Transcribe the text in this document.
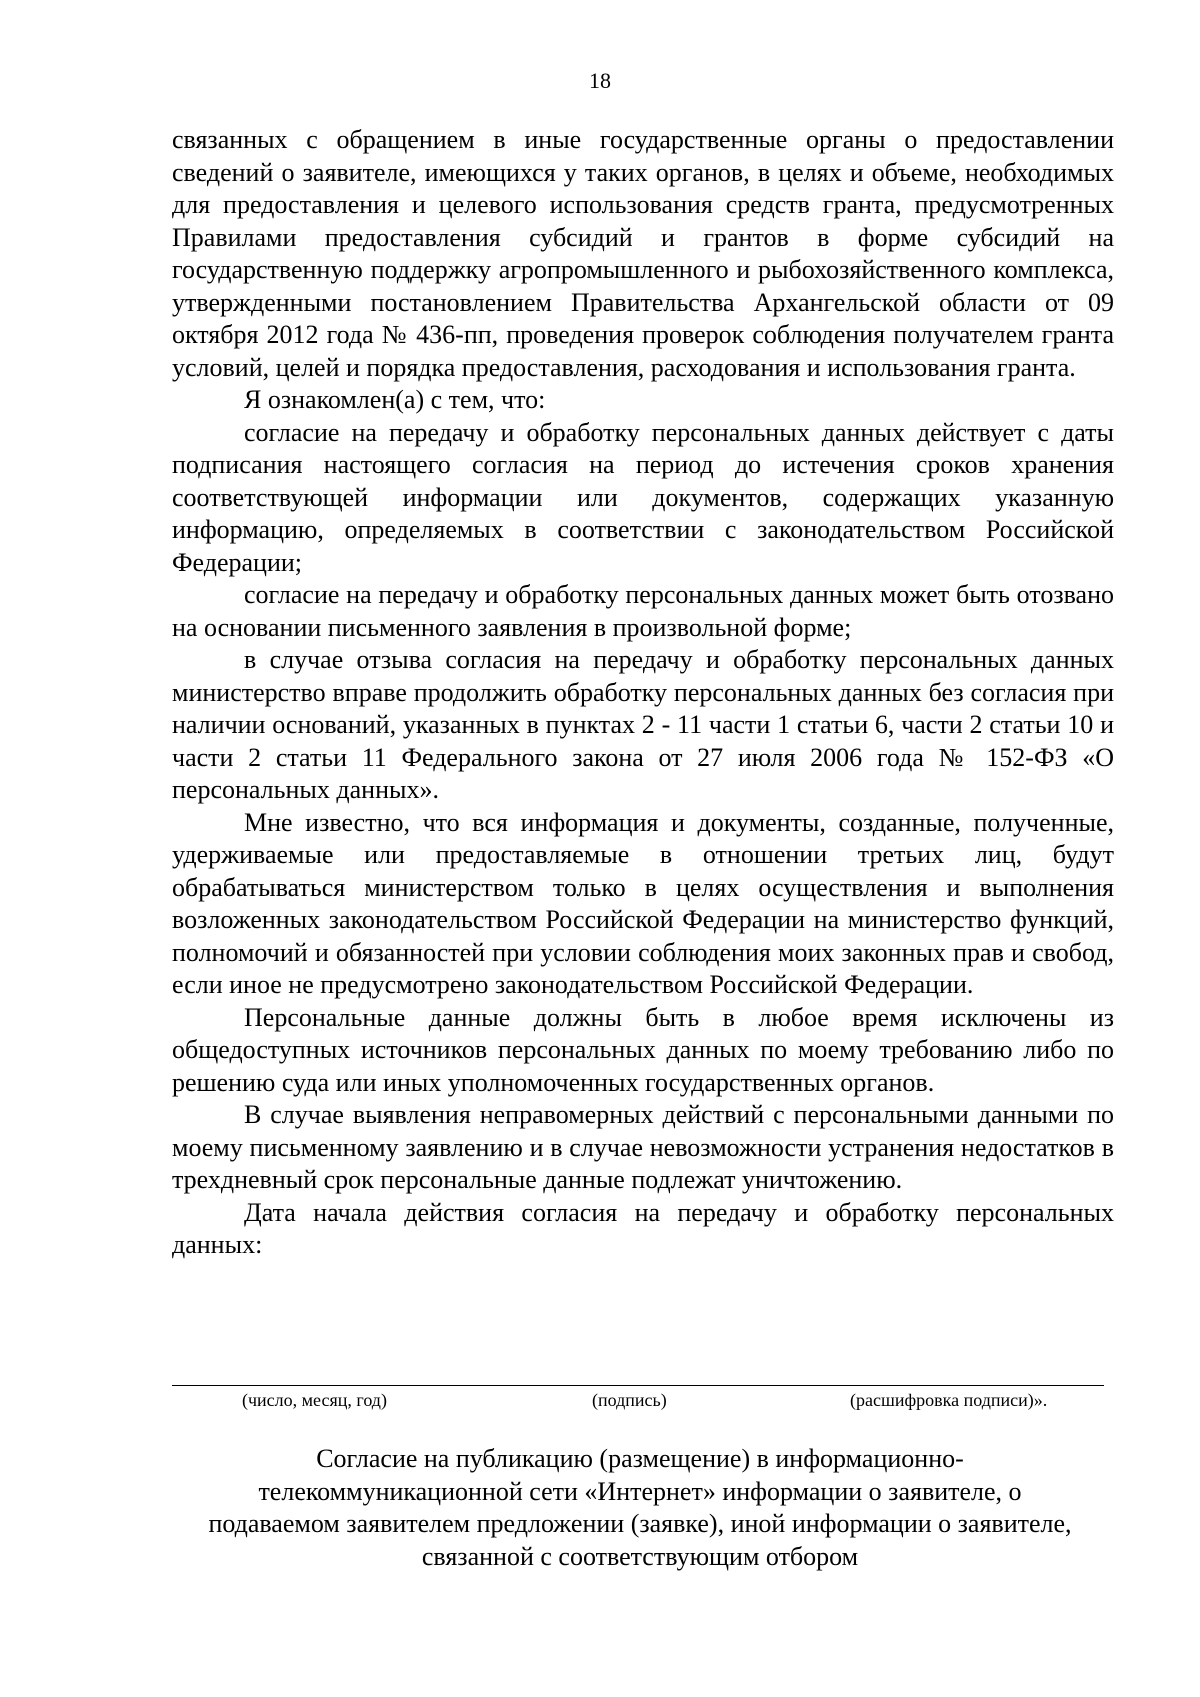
18

связанных с обращением в иные государственные органы о предоставлении сведений о заявителе, имеющихся у таких органов, в целях и объеме, необходимых для предоставления и целевого использования средств гранта, предусмотренных Правилами предоставления субсидий и грантов в форме субсидий на государственную поддержку агропромышленного и рыбохозяйственного комплекса, утвержденными постановлением Правительства Архангельской области от 09 октября 2012 года № 436-пп, проведения проверок соблюдения получателем гранта условий, целей и порядка предоставления, расходования и использования гранта.

Я ознакомлен(а) с тем, что:

согласие на передачу и обработку персональных данных действует с даты подписания настоящего согласия на период до истечения сроков хранения соответствующей информации или документов, содержащих указанную информацию, определяемых в соответствии с законодательством Российской Федерации;

согласие на передачу и обработку персональных данных может быть отозвано на основании письменного заявления в произвольной форме;

в случае отзыва согласия на передачу и обработку персональных данных министерство вправе продолжить обработку персональных данных без согласия при наличии оснований, указанных в пунктах 2 - 11 части 1 статьи 6, части 2 статьи 10 и части 2 статьи 11 Федерального закона от 27 июля 2006 года № 152-ФЗ «О персональных данных».

Мне известно, что вся информация и документы, созданные, полученные, удерживаемые или предоставляемые в отношении третьих лиц, будут обрабатываться министерством только в целях осуществления и выполнения возложенных законодательством Российской Федерации на министерство функций, полномочий и обязанностей при условии соблюдения моих законных прав и свобод, если иное не предусмотрено законодательством Российской Федерации.

Персональные данные должны быть в любое время исключены из общедоступных источников персональных данных по моему требованию либо по решению суда или иных уполномоченных государственных органов.

В случае выявления неправомерных действий с персональными данными по моему письменному заявлению и в случае невозможности устранения недостатков в трехдневный срок персональные данные подлежат уничтожению.

Дата начала действия согласия на передачу и обработку персональных данных:

(число, месяц, год)	(подпись)	(расшифровка подписи)».
Согласие на публикацию (размещение) в информационно-
телекоммуникационной сети «Интернет» информации о заявителе, о
подаваемом заявителем предложении (заявке), иной информации о заявителе,
связанной с соответствующим отбором
